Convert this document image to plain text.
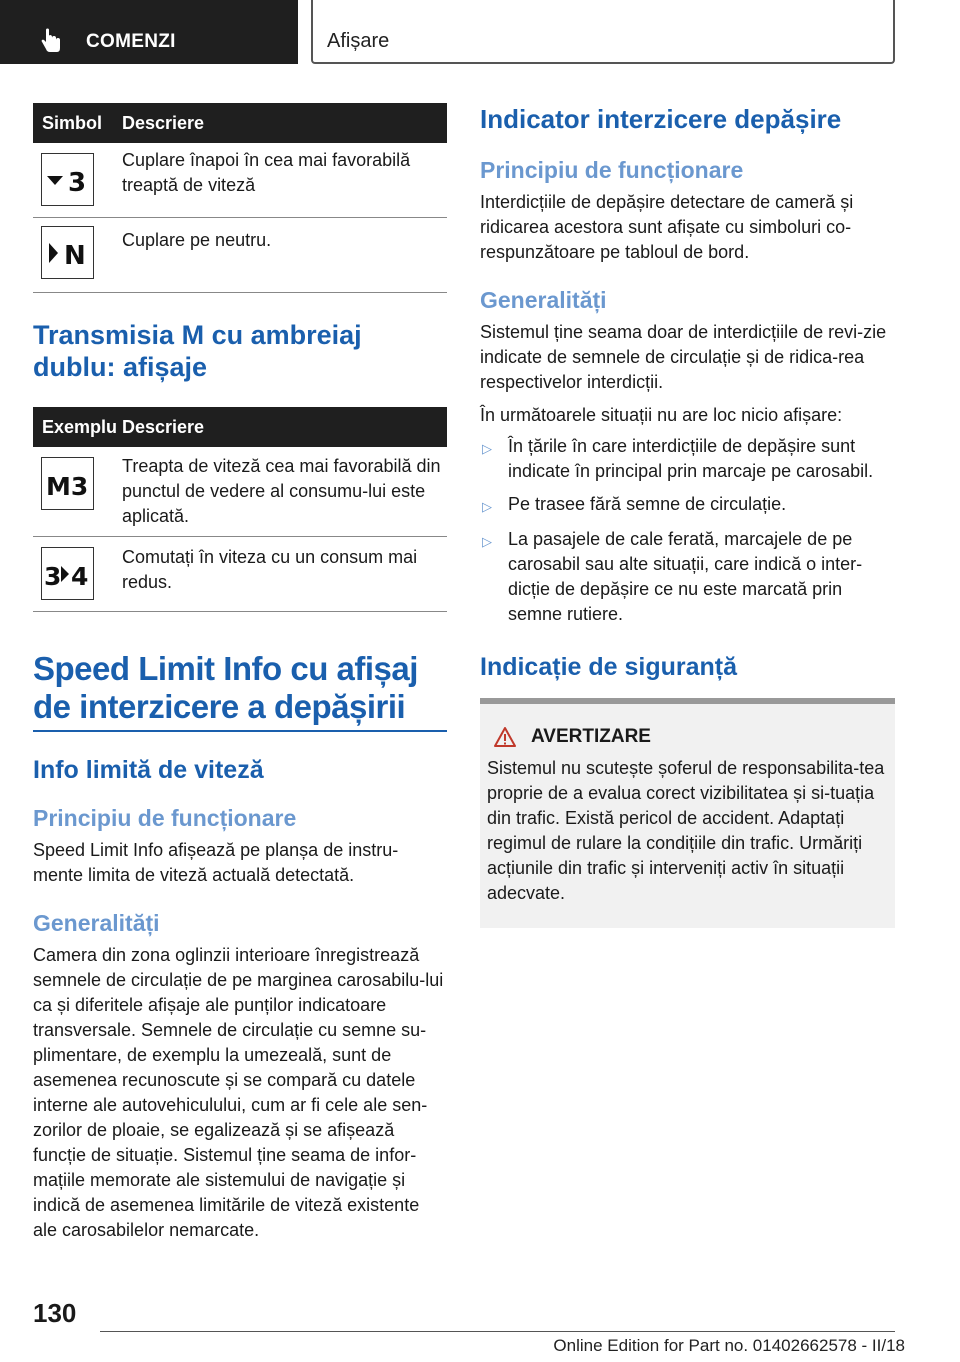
COMENZI	Afișare
Simbol	Descriere
3
Cuplare înapoi în cea mai favorabilă treaptă de viteză
N
Cuplare pe neutru.
Transmisia M cu ambreiaj dublu: afișaje
Exemplu Descriere
M3
Treapta de viteză cea mai favorabilă din punctul de vedere al consumu-lui este aplicată.
3 4
Comutați în viteza cu un consum mai redus.
Speed Limit Info cu afișaj de interzicere a depășirii
Info limită de viteză
Principiu de funcționare
Speed Limit Info afișează pe planșa de instru-mente limita de viteză actuală detectată.
Generalități
Camera din zona oglinzii interioare înregistrează semnele de circulație de pe marginea carosabilu-lui ca și diferitele afișaje ale punților indicatoare transversale. Semnele de circulație cu semne su-plimentare, de exemplu la umezeală, sunt de asemenea recunoscute și se compară cu datele interne ale autovehiculului, cum ar fi cele ale sen-zorilor de ploaie, se egalizează și se afișează funcție de situație. Sistemul ține seama de infor-mațiile memorate ale sistemului de navigație și indică de asemenea limitările de viteză existente ale carosabilelor nemarcate.
Indicator interzicere depășire
Principiu de funcționare
Interdicțiile de depășire detectare de cameră și ridicarea acestora sunt afișate cu simboluri co-respunzătoare pe tabloul de bord.
Generalități
Sistemul ține seama doar de interdicțiile de revi-zie indicate de semnele de circulație și de ridica-rea respectivelor interdicții.
În următoarele situații nu are loc nicio afișare:
▷ În țările în care interdicțiile de depășire sunt indicate în principal prin marcaje pe carosabil.
▷ Pe trasee fără semne de circulație.
▷ La pasajele de cale ferată, marcajele de pe carosabil sau alte situații, care indică o inter-dicție de depășire ce nu este marcată prin semne rutiere.
Indicație de siguranță
AVERTIZARE
Sistemul nu scutește șoferul de responsabilita-tea proprie de a evalua corect vizibilitatea și si-tuația din trafic. Există pericol de accident. Adaptați regimul de rulare la condițiile din trafic. Urmăriți acțiunile din trafic și interveniți activ în situații adecvate.
130
Online Edition for Part no. 01402662578 - II/18
